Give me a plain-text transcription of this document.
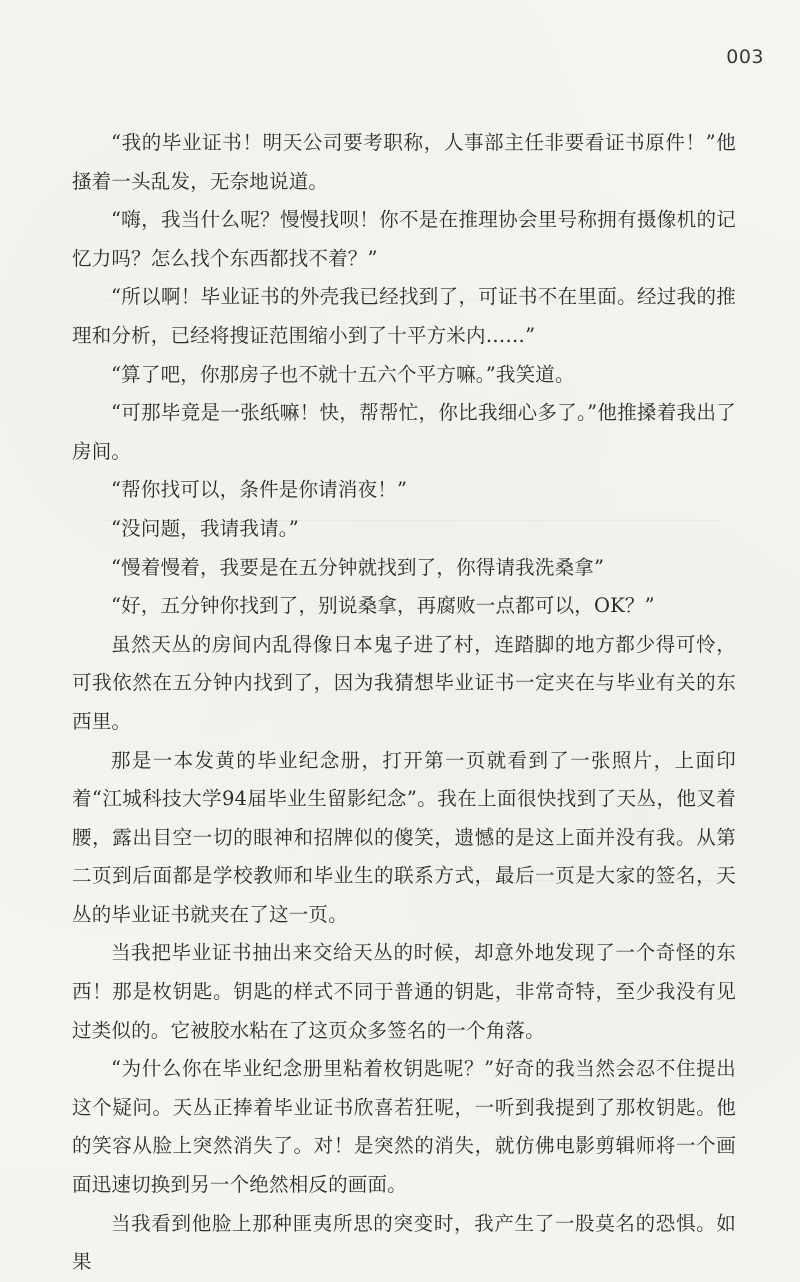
003

“我的毕业证书！明天公司要考职称，人事部主任非要看证书原件！”他搔着一头乱发，无奈地说道。

“嗨，我当什么呢？慢慢找呗！你不是在推理协会里号称拥有摄像机的记忆力吗？怎么找个东西都找不着？”

“所以啊！毕业证书的外壳我已经找到了，可证书不在里面。经过我的推理和分析，已经将搜证范围缩小到了十平方米内……”

“算了吧，你那房子也不就十五六个平方嘛。”我笑道。

“可那毕竟是一张纸嘛！快，帮帮忙，你比我细心多了。”他推搡着我出了房间。

“帮你找可以，条件是你请消夜！”

“没问题，我请我请。”

“慢着慢着，我要是在五分钟就找到了，你得请我洗桑拿”

“好，五分钟你找到了，别说桑拿，再腐败一点都可以，OK？”

虽然天丛的房间内乱得像日本鬼子进了村，连踏脚的地方都少得可怜，可我依然在五分钟内找到了，因为我猜想毕业证书一定夹在与毕业有关的东西里。

那是一本发黄的毕业纪念册，打开第一页就看到了一张照片，上面印着“江城科技大学94届毕业生留影纪念”。我在上面很快找到了天丛，他叉着腰，露出目空一切的眼神和招牌似的傻笑，遗憾的是这上面并没有我。从第二页到后面都是学校教师和毕业生的联系方式，最后一页是大家的签名，天丛的毕业证书就夹在了这一页。

当我把毕业证书抽出来交给天丛的时候，却意外地发现了一个奇怪的东西！那是枚钥匙。钥匙的样式不同于普通的钥匙，非常奇特，至少我没有见过类似的。它被胶水粘在了这页众多签名的一个角落。

“为什么你在毕业纪念册里粘着枚钥匙呢？”好奇的我当然会忍不住提出这个疑问。天丛正捧着毕业证书欣喜若狂呢，一听到我提到了那枚钥匙。他的笑容从脸上突然消失了。对！是突然的消失，就仿佛电影剪辑师将一个画面迅速切换到另一个绝然相反的画面。

当我看到他脸上那种匪夷所思的突变时，我产生了一股莫名的恐惧。如果
